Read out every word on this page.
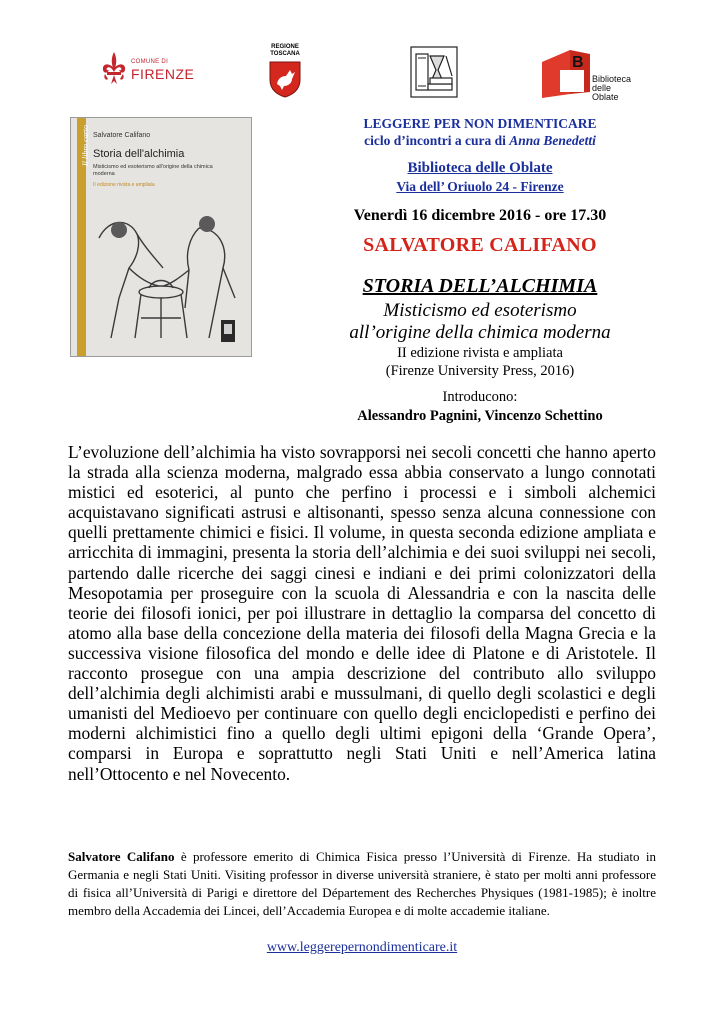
COMUNE DI
FIRENZE
REGIONE
TOSCANA	B
Biblioteca
delle Oblate
Il libro carto Salvatore Califano
Storia dell'alchimia
Misticismo ed esoterismo all'origine della chimica moderna
II edizione rivista e ampliata
LEGGERE PER NON DIMENTICARE
ciclo d’incontri a cura di Anna Benedetti
Biblioteca delle Oblate
Via dell’ Oriuolo 24 - Firenze
Venerdì 16 dicembre 2016 - ore 17.30
SALVATORE CALIFANO
STORIA DELL’ALCHIMIA
Misticismo ed esoterismo
all’origine della chimica moderna
II edizione rivista e ampliata
(Firenze University Press, 2016)
Introducono:
Alessandro Pagnini, Vincenzo Schettino
L’evoluzione dell’alchimia ha visto sovrapporsi nei secoli concetti che hanno aperto la strada alla scienza moderna, malgrado essa abbia conservato a lungo connotati mistici ed esoterici, al punto che perfino i processi e i simboli alchemici acquistavano significati astrusi e altisonanti, spesso senza alcuna connessione con quelli prettamente chimici e fisici. Il volume, in questa seconda edizione ampliata e arricchita di immagini, presenta la storia dell’alchimia e dei suoi sviluppi nei secoli, partendo dalle ricerche dei saggi cinesi e indiani e dei primi colonizzatori della Mesopotamia per proseguire con la scuola di Alessandria e con la nascita delle teorie dei filosofi ionici, per poi illustrare in dettaglio la comparsa del concetto di atomo alla base della concezione della materia dei filosofi della Magna Grecia e la successiva visione filosofica del mondo e delle idee di Platone e di Aristotele. Il racconto prosegue con una ampia descrizione del contributo allo sviluppo dell’alchimia degli alchimisti arabi e mussulmani, di quello degli scolastici e degli umanisti del Medioevo per continuare con quello degli enciclopedisti e perfino dei moderni alchimistici fino a quello degli ultimi epigoni della ‘Grande Opera’, comparsi in Europa e soprattutto negli Stati Uniti e nell’America latina nell’Ottocento e nel Novecento.
Salvatore Califano è professore emerito di Chimica Fisica presso l’Università di Firenze. Ha studiato in Germania e negli Stati Uniti. Visiting professor in diverse università straniere, è stato per molti anni professore di fisica all’Università di Parigi e direttore del Département des Recherches Physiques (1981-1985); è inoltre membro della Accademia dei Lincei, dell’Accademia Europea e di molte accademie italiane.
www.leggerepernondimenticare.it
